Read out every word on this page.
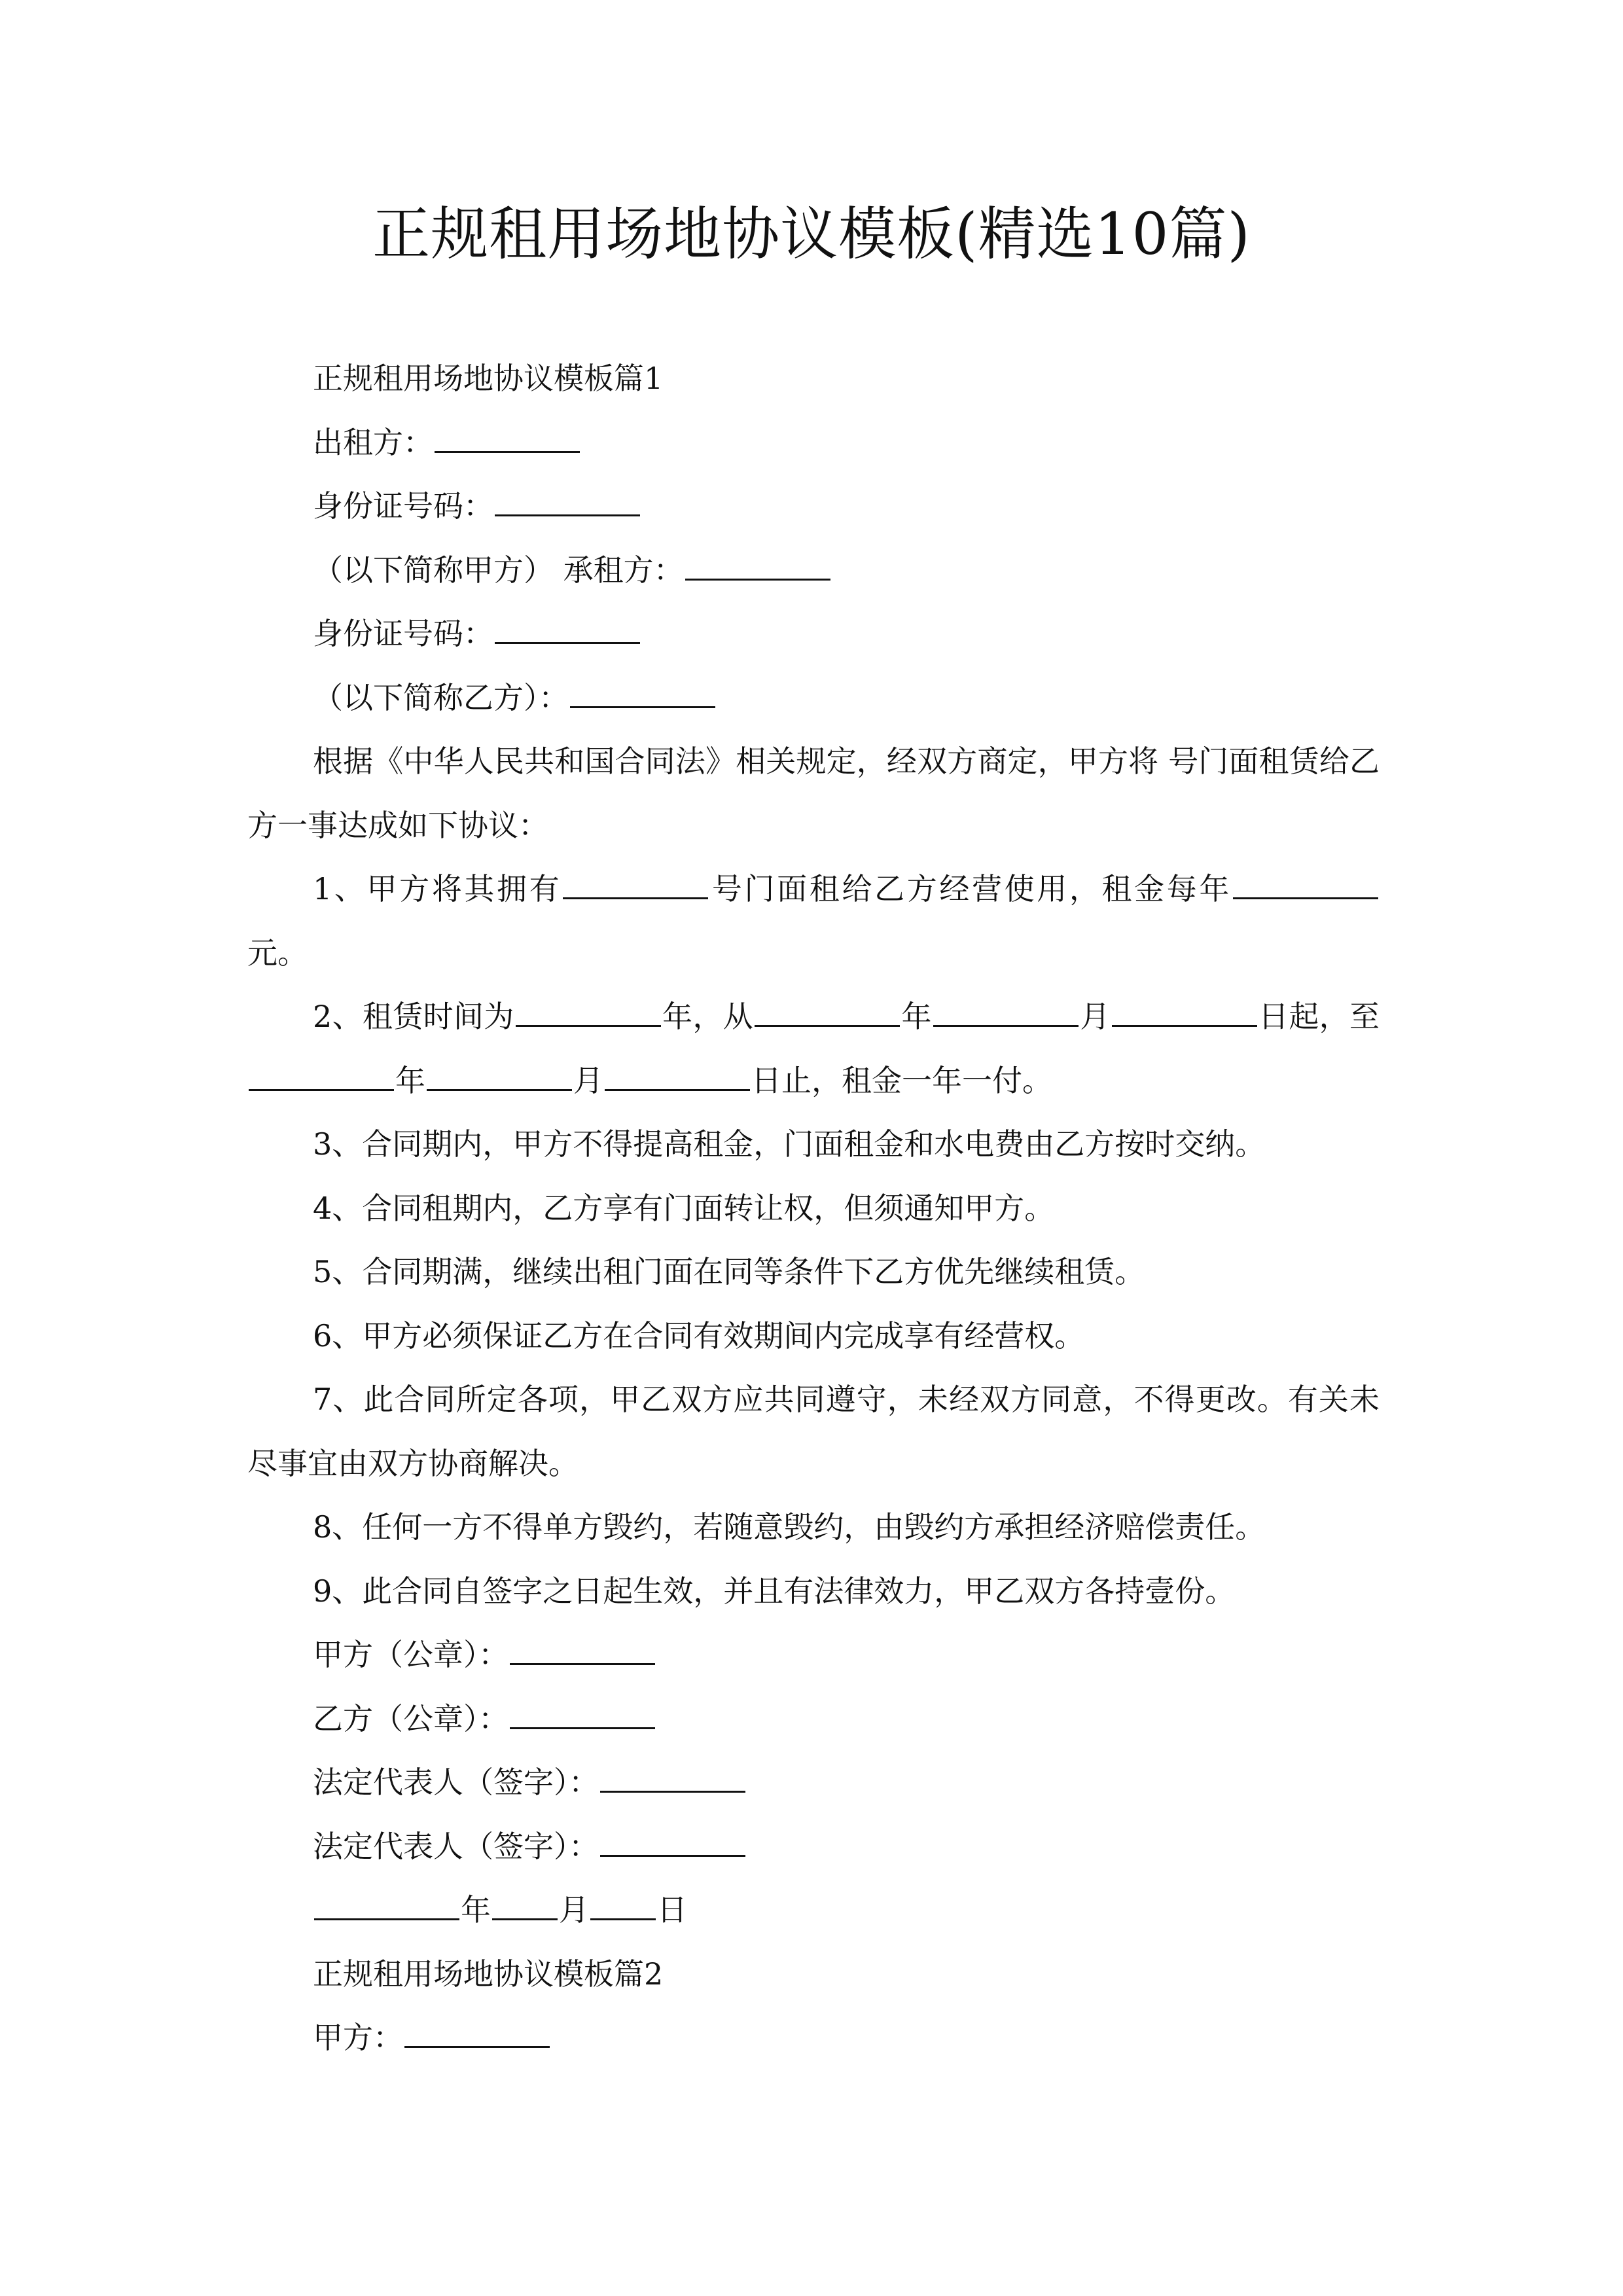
正规租用场地协议模板(精选10篇)
正规租用场地协议模板篇1
出租方：
身份证号码：
（以下简称甲方） 承租方：
身份证号码：
（以下简称乙方）：
根据《中华人民共和国合同法》相关规定，经双方商定，甲方将 号门面租赁给乙方一事达成如下协议：
1、甲方将其拥有	号门面租给乙方经营使用，租金每年元。
2、租赁时间为	年，从	年	月	日起，至年	月	日止，租金一年一付。
3、合同期内，甲方不得提高租金，门面租金和水电费由乙方按时交纳。
4、合同租期内，乙方享有门面转让权，但须通知甲方。
5、合同期满，继续出租门面在同等条件下乙方优先继续租赁。
6、甲方必须保证乙方在合同有效期间内完成享有经营权。
7、此合同所定各项，甲乙双方应共同遵守，未经双方同意，不得更改。有关未尽事宜由双方协商解决。
8、任何一方不得单方毁约，若随意毁约，由毁约方承担经济赔偿责任。
9、此合同自签字之日起生效，并且有法律效力，甲乙双方各持壹份。
甲方（公章）：
乙方（公章）：
法定代表人（签字）：
法定代表人（签字）：
年 月 日
正规租用场地协议模板篇2
甲方：
